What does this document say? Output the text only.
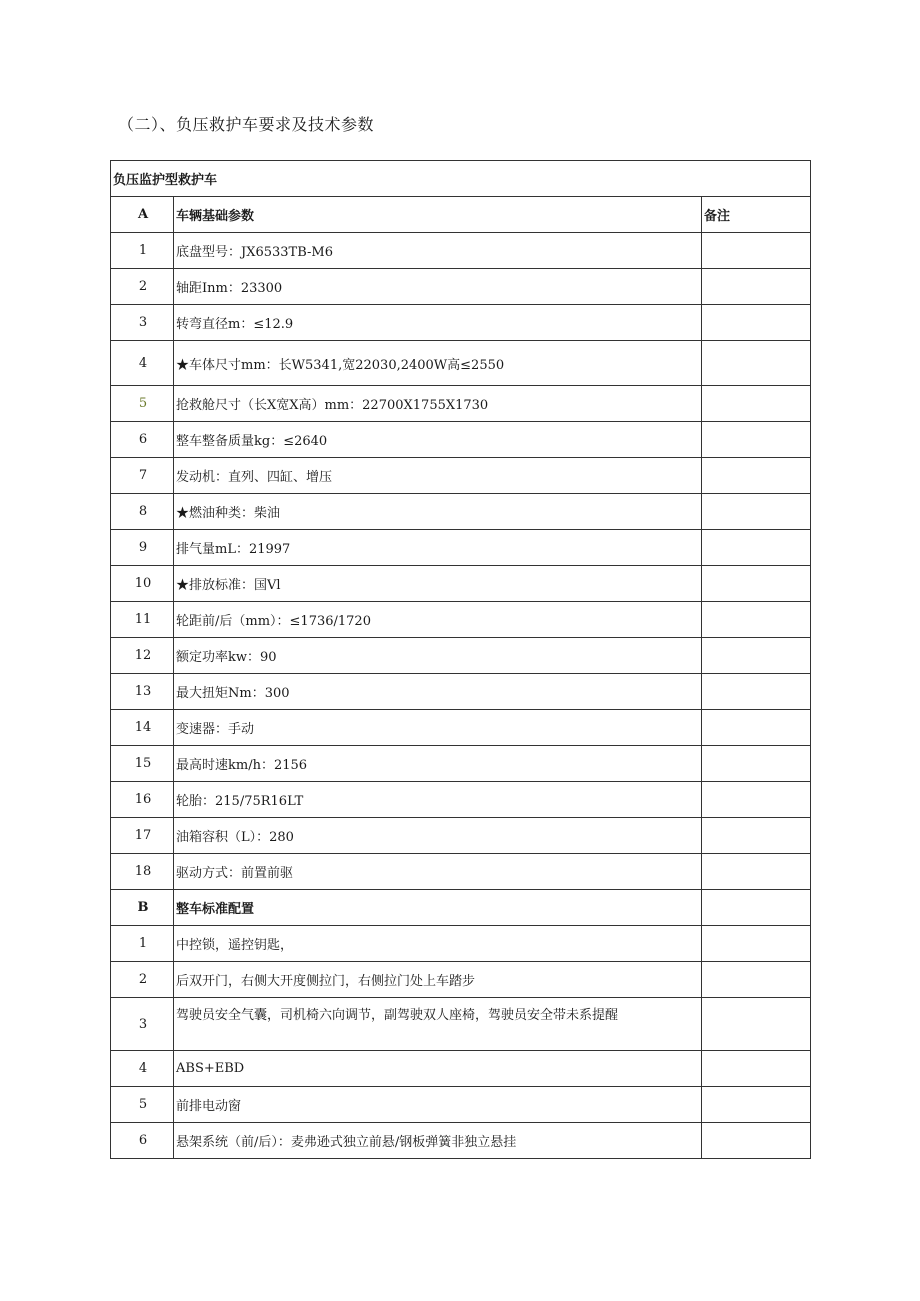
（二）、负压救护车要求及技术参数
负压监护型救护车		
A	车辆基础参数	备注
1	底盘型号：JX6533TB-M6	
2	轴距Inm：23300	
3	转弯直径m：≤12.9	
4	★车体尺寸mm：长W5341,宽22030,2400W高≤2550	
5	抢救舱尺寸（长X宽X高）mm：22700X1755X1730	
6	整车整备质量kg：≤2640	
7	发动机：直列、四缸、增压	
8	★燃油种类：柴油	
9	排气量mL：21997	
10	★排放标准：国Vl	
11	轮距前/后（mm）：≤1736/1720	
12	额定功率kw：90	
13	最大扭矩Nm：300	
14	变速器：手动	
15	最高时速km/h：2156	
16	轮胎：215/75R16LT	
17	油箱容积（L）：280	
18	驱动方式：前置前驱	
B	整车标准配置	
1	中控锁，遥控钥匙，	
2	后双开门，右侧大开度侧拉门，右侧拉门处上车踏步	
3	驾驶员安全气囊，司机椅六向调节，副驾驶双人座椅，驾驶员安全带未系提醒	
4	ABS+EBD	
5	前排电动窗	
6	悬架系统（前/后）：麦弗逊式独立前悬/钢板弹簧非独立悬挂	
